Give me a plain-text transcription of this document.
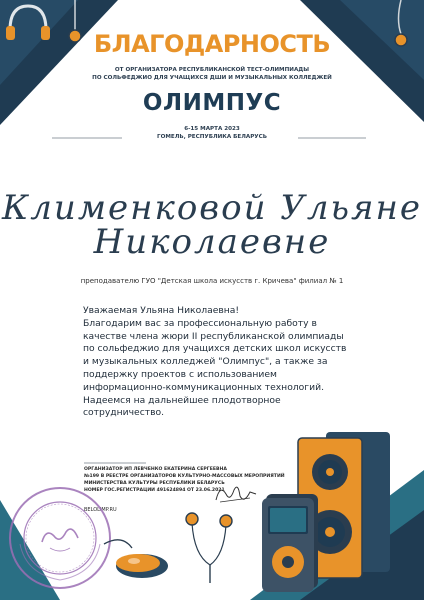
БЛАГОДАРНОСТЬ
ОТ ОРГАНИЗАТОРА РЕСПУБЛИКАНСКОЙ ТЕСТ-ОЛИМПИАДЫ
ПО СОЛЬФЕДЖИО ДЛЯ УЧАЩИХСЯ ДШИ И МУЗЫКАЛЬНЫХ КОЛЛЕДЖЕЙ
ОЛИМПУС
6-15 МАРТА 2023
ГОМЕЛЬ, РЕСПУБЛИКА БЕЛАРУСЬ
Клименковой Ульяне
Николаевне
преподавателю ГУО "Детская школа искусств г. Кричева" филиал № 1

Уважаемая Ульяна Николаевна!

Благодарим вас за профессиональную работу в

качестве члена жюри II республиканской олимпиады

по сольфеджио для учащихся детских школ искусств

и музыкальных колледжей "Олимпус", а также за

поддержку проектов с использованием

информационно-коммуникационных технологий.

Надеемся на дальнейшее плодотворное

сотрудничество.

ОРГАНИЗАТОР ИП ЛЕВЧЕНКО ЕКАТЕРИНА СЕРГЕЕВНА

№199 В РЕЕСТРЕ ОРГАНИЗАТОРОВ КУЛЬТУРНО-МАССОВЫХ МЕРОПРИЯТИЙ

МИНИСТЕРСТВА КУЛЬТУРЫ РЕСПУБЛИКИ БЕЛАРУСЬ

НОМЕР ГОС.РЕГИСТРАЦИИ 491624894 ОТ 23.06.2021

BELOLIMP.RU
